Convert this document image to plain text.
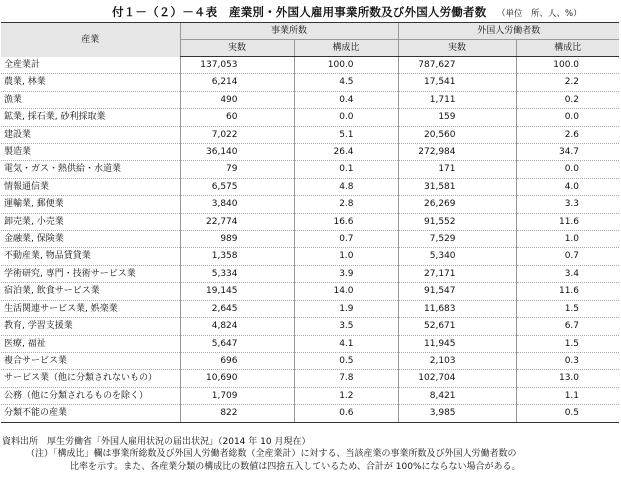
付１－（２）－４表　産業別・外国人雇用事業所数及び外国人労働者数 （単位　所、人、%）
産業	事業所数		外国人労働者数	
	実数	構成比	実数	構成比
全産業計	137,053	100.0	787,627	100.0
農業, 林業	6,214	4.5	17,541	2.2
漁業	490	0.4	1,711	0.2
鉱業, 採石業, 砂利採取業	60	0.0	159	0.0
建設業	7,022	5.1	20,560	2.6
製造業	36,140	26.4	272,984	34.7
電気・ガス・熱供給・水道業	79	0.1	171	0.0
情報通信業	6,575	4.8	31,581	4.0
運輸業, 郵便業	3,840	2.8	26,269	3.3
卸売業, 小売業	22,774	16.6	91,552	11.6
金融業, 保険業	989	0.7	7,529	1.0
不動産業, 物品賃貸業	1,358	1.0	5,340	0.7
学術研究, 専門・技術サービス業	5,334	3.9	27,171	3.4
宿泊業, 飲食サービス業	19,145	14.0	91,547	11.6
生活関連サービス業, 娯楽業	2,645	1.9	11,683	1.5
教育, 学習支援業	4,824	3.5	52,671	6.7
医療, 福祉	5,647	4.1	11,945	1.5
複合サービス業	696	0.5	2,103	0.3
サービス業（他に分類されないもの）	10,690	7.8	102,704	13.0
公務（他に分類されるものを除く）	1,709	1.2	8,421	1.1
分類不能の産業	822	0.6	3,985	0.5
資料出所　厚生労働省「外国人雇用状況の届出状況」（2014 年 10 月現在）
（注）「構成比」欄は事業所総数及び外国人労働者総数（全産業計）に対する、当該産業の事業所数及び外国人労働者数の
比率を示す。また、各産業分類の構成比の数値は四捨五入しているため、合計が 100%にならない場合がある。
